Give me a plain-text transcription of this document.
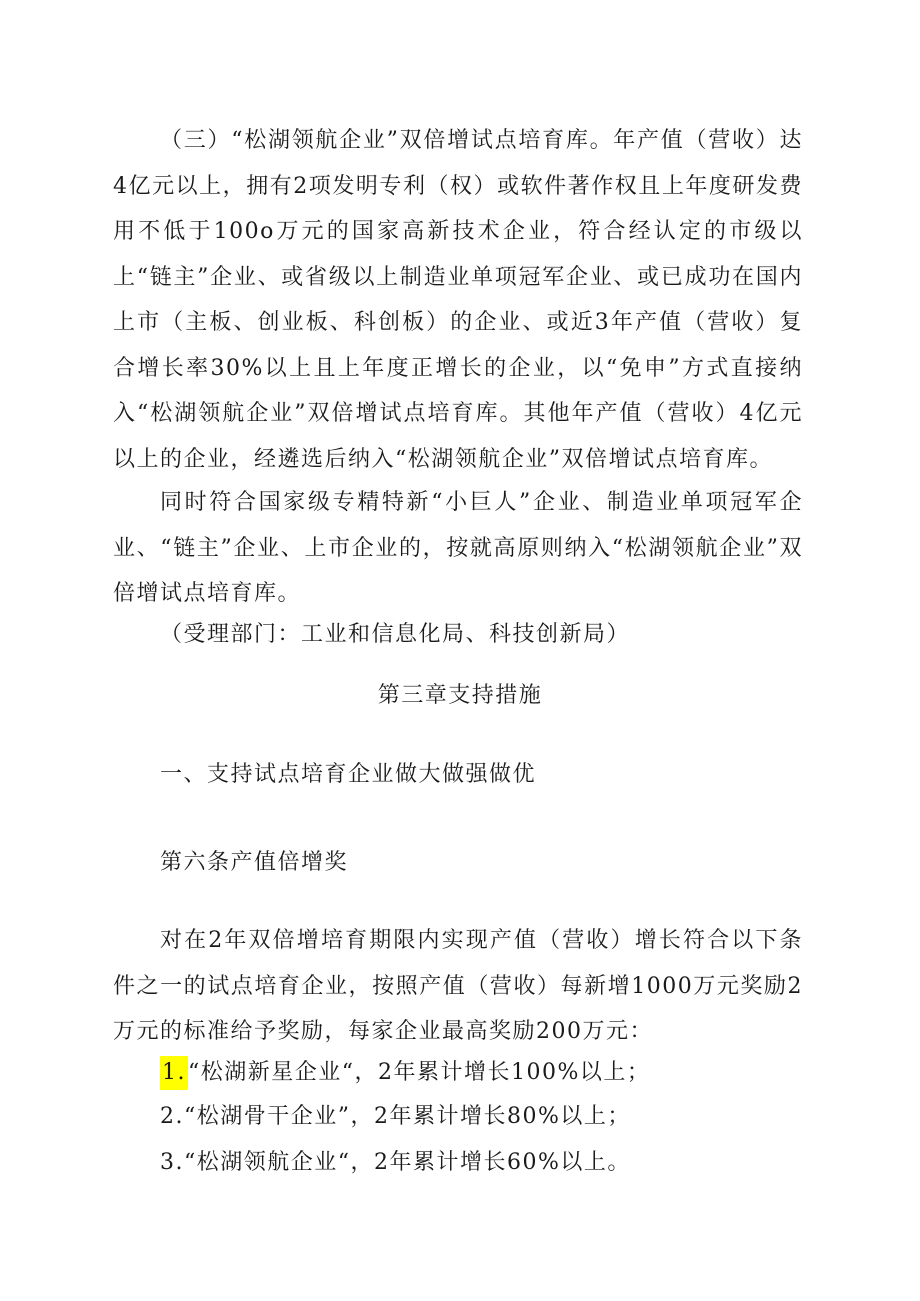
（三）“松湖领航企业”双倍增试点培育库。年产值（营收）达4亿元以上，拥有2项发明专利（权）或软件著作权且上年度研发费用不低于100o万元的国家高新技术企业，符合经认定的市级以上“链主”企业、或省级以上制造业单项冠军企业、或已成功在国内上市（主板、创业板、科创板）的企业、或近3年产值（营收）复合增长率30%以上且上年度正增长的企业，以“免申”方式直接纳入“松湖领航企业”双倍增试点培育库。其他年产值（营收）4亿元以上的企业，经遴选后纳入“松湖领航企业”双倍增试点培育库。

同时符合国家级专精特新“小巨人”企业、制造业单项冠军企业、“链主”企业、上市企业的，按就高原则纳入“松湖领航企业”双倍增试点培育库。

（受理部门：工业和信息化局、科技创新局）

第三章支持措施
一、支持试点培育企业做大做强做优
第六条产值倍增奖

对在2年双倍增培育期限内实现产值（营收）增长符合以下条件之一的试点培育企业，按照产值（营收）每新增1000万元奖励2万元的标准给予奖励，每家企业最高奖励200万元：

1.“松湖新星企业“，2年累计增长100%以上；
2.“松湖骨干企业”，2年累计增长80%以上；
3.“松湖领航企业“，2年累计增长60%以上。
